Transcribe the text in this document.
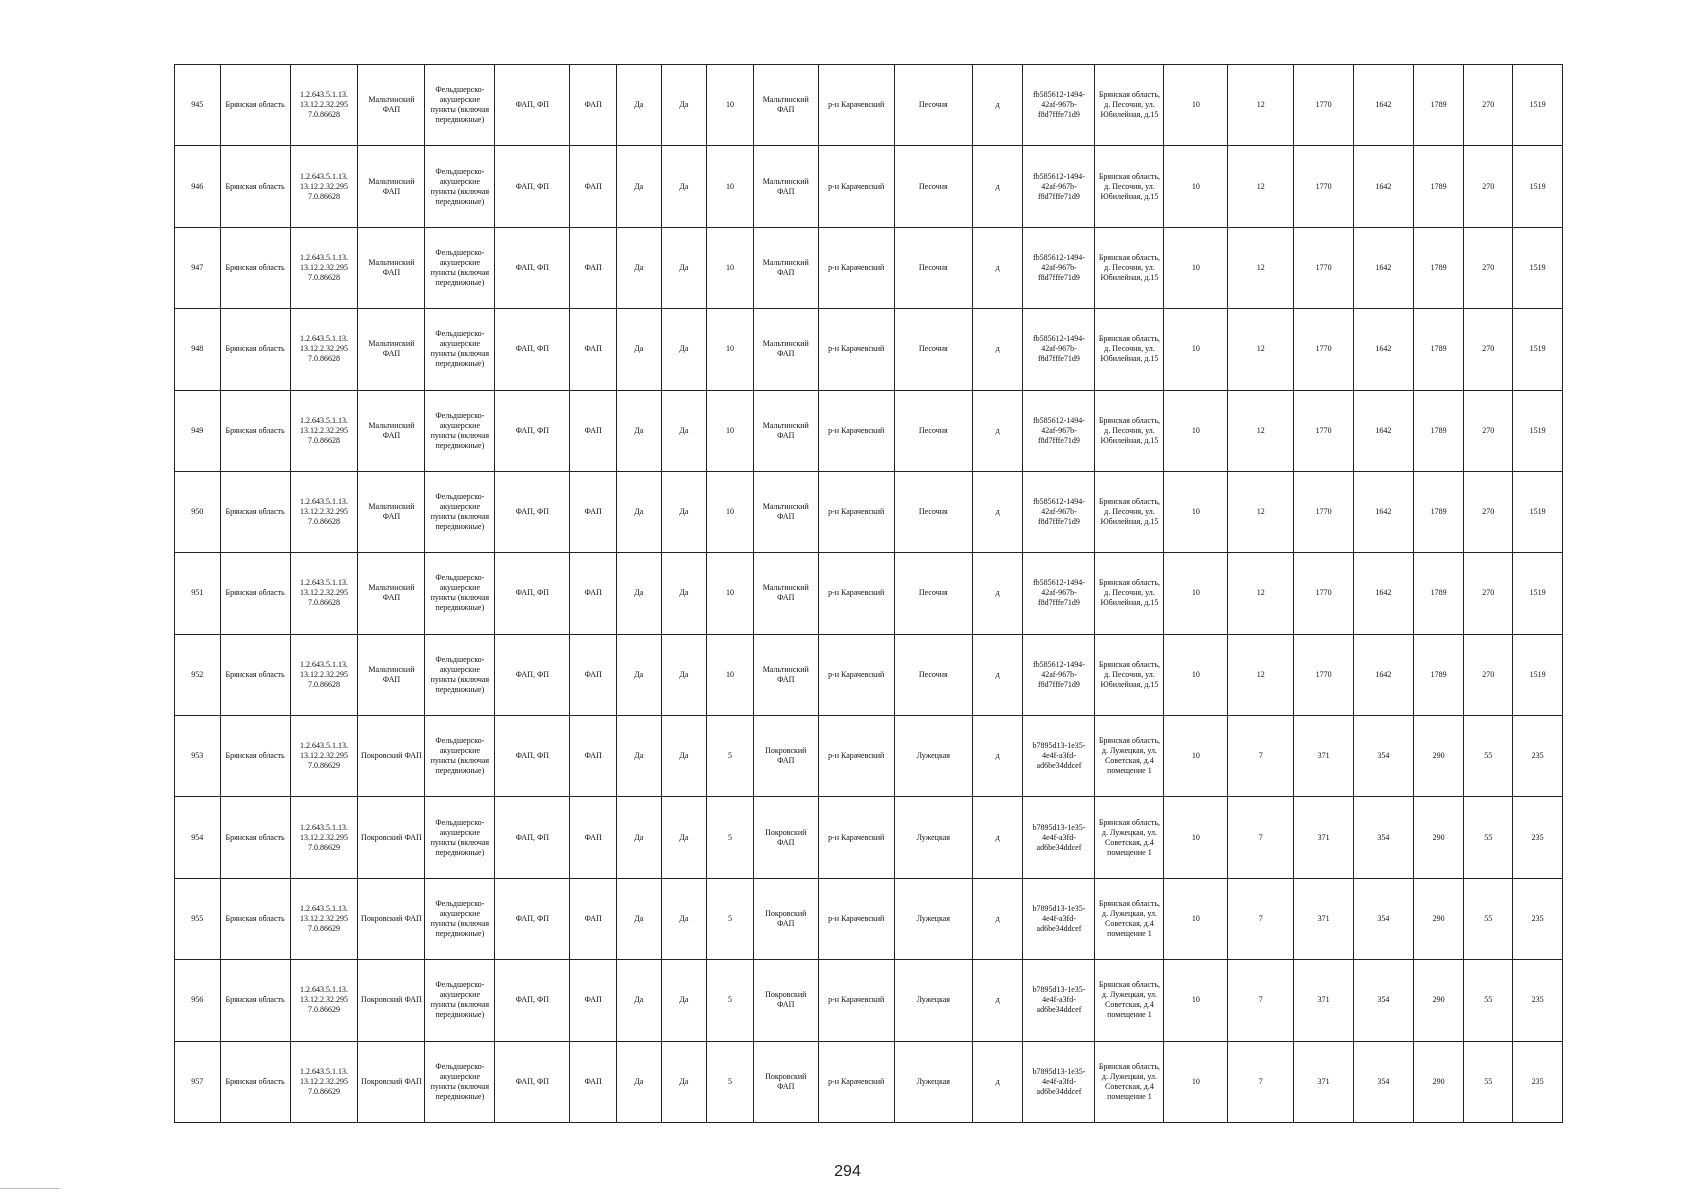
945	Брянская область	1.2.643.5.1.13. 13.12.2.32.295 7.0.86628	Мальтинский ФАП	Фельдшерско-акушерские пункты (включая передвижные)	ФАП, ФП	ФАП	Да	Да	10	Мальтинский ФАП	р-н Карачевский	Песочня	д	fb585612-1494-42af-967b-f8d7fffe71d9	Брянская область, д. Песочня, ул. Юбилейная, д.15	10	12	1770	1642	1789	270	1519
946	Брянская область	1.2.643.5.1.13. 13.12.2.32.295 7.0.86628	Мальтинский ФАП	Фельдшерско-акушерские пункты (включая передвижные)	ФАП, ФП	ФАП	Да	Да	10	Мальтинский ФАП	р-н Карачевский	Песочня	д	fb585612-1494-42af-967b-f8d7fffe71d9	Брянская область, д. Песочня, ул. Юбилейная, д.15	10	12	1770	1642	1789	270	1519
947	Брянская область	1.2.643.5.1.13. 13.12.2.32.295 7.0.86628	Мальтинский ФАП	Фельдшерско-акушерские пункты (включая передвижные)	ФАП, ФП	ФАП	Да	Да	10	Мальтинский ФАП	р-н Карачевский	Песочня	д	fb585612-1494-42af-967b-f8d7fffe71d9	Брянская область, д. Песочня, ул. Юбилейная, д.15	10	12	1770	1642	1789	270	1519
948	Брянская область	1.2.643.5.1.13. 13.12.2.32.295 7.0.86628	Мальтинский ФАП	Фельдшерско-акушерские пункты (включая передвижные)	ФАП, ФП	ФАП	Да	Да	10	Мальтинский ФАП	р-н Карачевский	Песочня	д	fb585612-1494-42af-967b-f8d7fffe71d9	Брянская область, д. Песочня, ул. Юбилейная, д.15	10	12	1770	1642	1789	270	1519
949	Брянская область	1.2.643.5.1.13. 13.12.2.32.295 7.0.86628	Мальтинский ФАП	Фельдшерско-акушерские пункты (включая передвижные)	ФАП, ФП	ФАП	Да	Да	10	Мальтинский ФАП	р-н Карачевский	Песочня	д	fb585612-1494-42af-967b-f8d7fffe71d9	Брянская область, д. Песочня, ул. Юбилейная, д.15	10	12	1770	1642	1789	270	1519
950	Брянская область	1.2.643.5.1.13. 13.12.2.32.295 7.0.86628	Мальтинский ФАП	Фельдшерско-акушерские пункты (включая передвижные)	ФАП, ФП	ФАП	Да	Да	10	Мальтинский ФАП	р-н Карачевский	Песочня	д	fb585612-1494-42af-967b-f8d7fffe71d9	Брянская область, д. Песочня, ул. Юбилейная, д.15	10	12	1770	1642	1789	270	1519
951	Брянская область	1.2.643.5.1.13. 13.12.2.32.295 7.0.86628	Мальтинский ФАП	Фельдшерско-акушерские пункты (включая передвижные)	ФАП, ФП	ФАП	Да	Да	10	Мальтинский ФАП	р-н Карачевский	Песочня	д	fb585612-1494-42af-967b-f8d7fffe71d9	Брянская область, д. Песочня, ул. Юбилейная, д.15	10	12	1770	1642	1789	270	1519
952	Брянская область	1.2.643.5.1.13. 13.12.2.32.295 7.0.86628	Мальтинский ФАП	Фельдшерско-акушерские пункты (включая передвижные)	ФАП, ФП	ФАП	Да	Да	10	Мальтинский ФАП	р-н Карачевский	Песочня	д	fb585612-1494-42af-967b-f8d7fffe71d9	Брянская область, д. Песочня, ул. Юбилейная, д.15	10	12	1770	1642	1789	270	1519
953	Брянская область	1.2.643.5.1.13. 13.12.2.32.295 7.0.86629	Покровский ФАП	Фельдшерско-акушерские пункты (включая передвижные)	ФАП, ФП	ФАП	Да	Да	5	Покровский ФАП	р-н Карачевский	Лужецкая	д	b7895d13-1e35-4e4f-a3fd-ad6be34ddcef	Брянская область, д. Лужецкая, ул. Советская, д.4 помещение 1	10	7	371	354	290	55	235
954	Брянская область	1.2.643.5.1.13. 13.12.2.32.295 7.0.86629	Покровский ФАП	Фельдшерско-акушерские пункты (включая передвижные)	ФАП, ФП	ФАП	Да	Да	5	Покровский ФАП	р-н Карачевский	Лужецкая	д	b7895d13-1e35-4e4f-a3fd-ad6be34ddcef	Брянская область, д. Лужецкая, ул. Советская, д.4 помещение 1	10	7	371	354	290	55	235
955	Брянская область	1.2.643.5.1.13. 13.12.2.32.295 7.0.86629	Покровский ФАП	Фельдшерско-акушерские пункты (включая передвижные)	ФАП, ФП	ФАП	Да	Да	5	Покровский ФАП	р-н Карачевский	Лужецкая	д	b7895d13-1e35-4e4f-a3fd-ad6be34ddcef	Брянская область, д. Лужецкая, ул. Советская, д.4 помещение 1	10	7	371	354	290	55	235
956	Брянская область	1.2.643.5.1.13. 13.12.2.32.295 7.0.86629	Покровский ФАП	Фельдшерско-акушерские пункты (включая передвижные)	ФАП, ФП	ФАП	Да	Да	5	Покровский ФАП	р-н Карачевский	Лужецкая	д	b7895d13-1e35-4e4f-a3fd-ad6be34ddcef	Брянская область, д. Лужецкая, ул. Советская, д.4 помещение 1	10	7	371	354	290	55	235
957	Брянская область	1.2.643.5.1.13. 13.12.2.32.295 7.0.86629	Покровский ФАП	Фельдшерско-акушерские пункты (включая передвижные)	ФАП, ФП	ФАП	Да	Да	5	Покровский ФАП	р-н Карачевский	Лужецкая	д	b7895d13-1e35-4e4f-a3fd-ad6be34ddcef	Брянская область, д. Лужецкая, ул. Советская, д.4 помещение 1	10	7	371	354	290	55	235
294
